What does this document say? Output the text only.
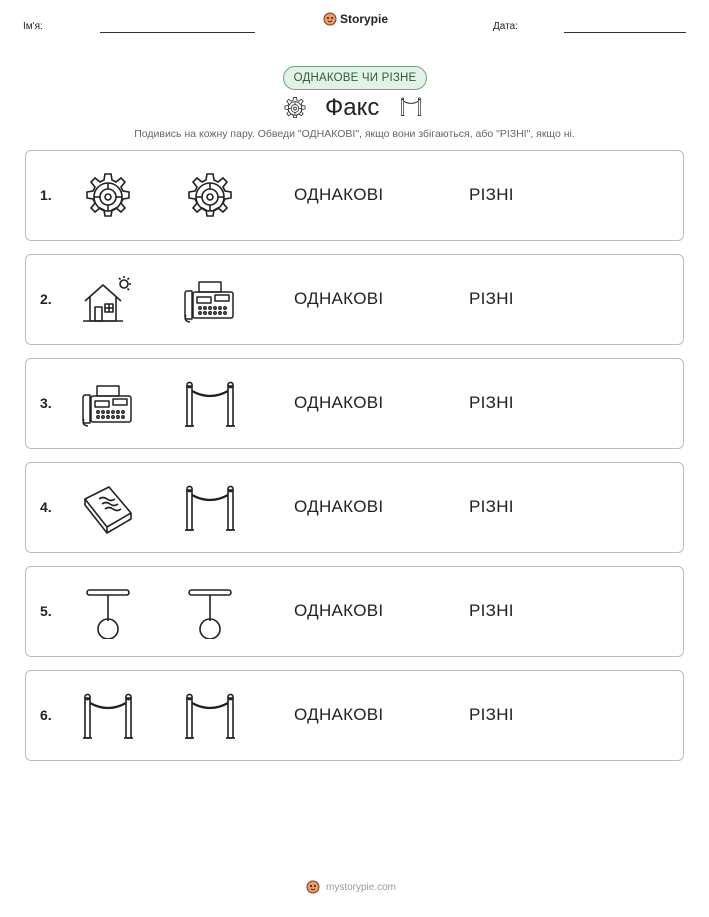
Ім'я:
Storypie
Дата:
ОДНАКОВЕ ЧИ РІЗНЕ
Факс
Подивись на кожну пару. Обведи "ОДНАКОВІ", якщо вони збігаються, або "РІЗНІ", якщо ні.
1.	ОДНАКОВІ	РІЗНІ
2.	ОДНАКОВІ	РІЗНІ
3.	ОДНАКОВІ	РІЗНІ
4.	ОДНАКОВІ	РІЗНІ
5.	ОДНАКОВІ	РІЗНІ
6.	ОДНАКОВІ	РІЗНІ
mystorypie.com
